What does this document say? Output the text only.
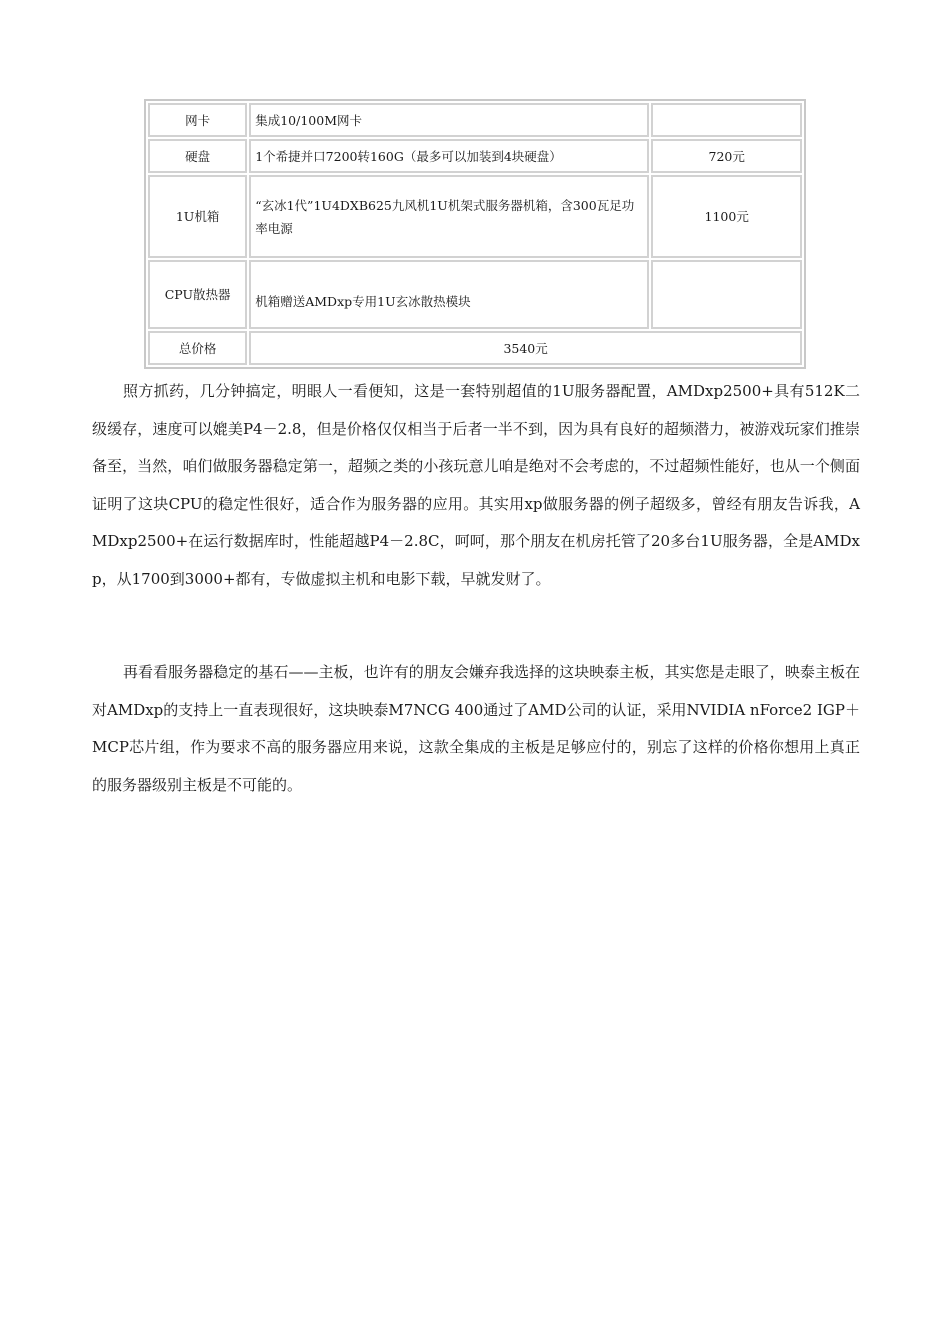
网卡	集成10/100M网卡	
硬盘	1个希捷并口7200转160G（最多可以加装到4块硬盘）	720元
1U机箱	“玄冰1代”1U4DXB625九风机1U机架式服务器机箱，含300瓦足功率电源	1100元
CPU散热器	机箱赠送AMDxp专用1U玄冰散热模块	
总价格	3540元	

照方抓药，几分钟搞定，明眼人一看便知，这是一套特别超值的1U服务器配置，AMDxp2500+具有512K二级缓存，速度可以媲美P4－2.8，但是价格仅仅相当于后者一半不到，因为具有良好的超频潜力，被游戏玩家们推崇备至，当然，咱们做服务器稳定第一，超频之类的小孩玩意儿咱是绝对不会考虑的，不过超频性能好，也从一个侧面证明了这块CPU的稳定性很好，适合作为服务器的应用。其实用xp做服务器的例子超级多，曾经有朋友告诉我，AMDxp2500+在运行数据库时，性能超越P4－2.8C，呵呵，那个朋友在机房托管了20多台1U服务器，全是AMDxp，从1700到3000+都有，专做虚拟主机和电影下载，早就发财了。

再看看服务器稳定的基石——主板，也许有的朋友会嫌弃我选择的这块映泰主板，其实您是走眼了，映泰主板在对AMDxp的支持上一直表现很好，这块映泰M7NCG 400通过了AMD公司的认证，采用NVIDIA nForce2 IGP＋MCP芯片组，作为要求不高的服务器应用来说，这款全集成的主板是足够应付的，别忘了这样的价格你想用上真正的服务器级别主板是不可能的。
